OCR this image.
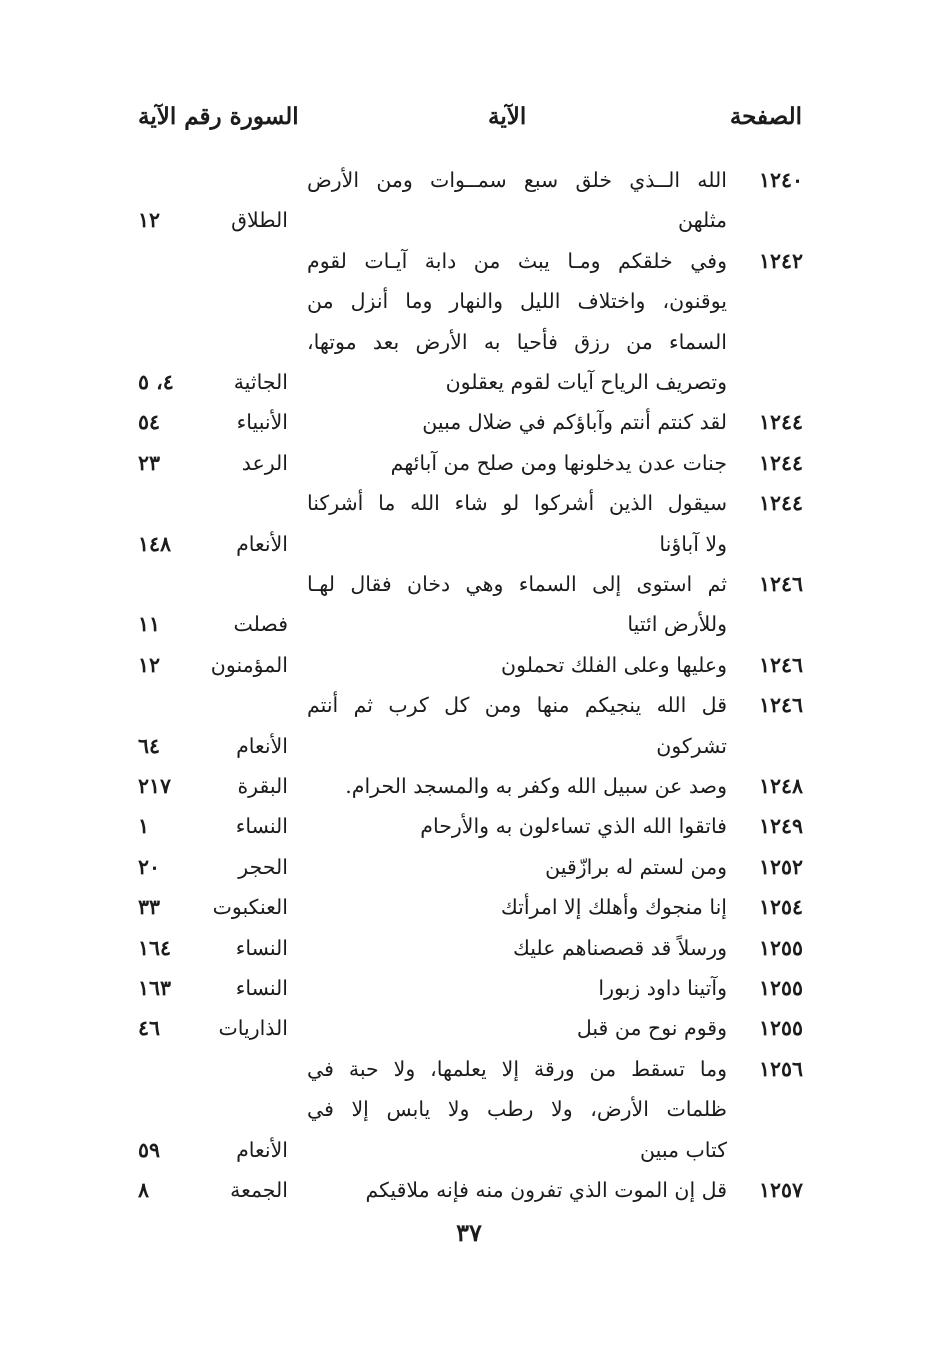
الصفحة
الآية
السورة رقم الآية
١٢٤٠
الله الــذي خلق سبع سمــوات ومن الأرض
مثلهن
الطلاق
١٢
١٢٤٢
وفي خلقكم ومـا يبث من دابة آيـات لقوم
يوقنون، واختلاف الليل والنهار وما أنزل من
السماء من رزق فأحيا به الأرض بعد موتها،
وتصريف الرياح آيات لقوم يعقلون
الجاثية
٤، ٥
١٢٤٤
لقد كنتم أنتم وآباؤكم في ضلال مبين
الأنبياء
٥٤
١٢٤٤
جنات عدن يدخلونها ومن صلح من آبائهم
الرعد
٢٣
١٢٤٤
سيقول الذين أشركوا لو شاء الله ما أشركنا
ولا آباؤنا
الأنعام
١٤٨
١٢٤٦
ثم استوى إلى السماء وهي دخان فقال لهـا
وللأرض ائتيا
فصلت
١١
١٢٤٦
وعليها وعلى الفلك تحملون
المؤمنون
١٢
١٢٤٦
قل الله ينجيكم منها ومن كل كرب ثم أنتم
تشركون
الأنعام
٦٤
١٢٤٨
وصد عن سبيل الله وكفر به والمسجد الحرام.
البقرة
٢١٧
١٢٤٩
فاتقوا الله الذي تساءلون به والأرحام
النساء
١
١٢٥٢
ومن لستم له برازّقين
الحجر
٢٠
١٢٥٤
إنا منجوك وأهلك إلا امرأتك
العنكبوت
٣٣
١٢٥٥
ورسلاً قد قصصناهم عليك
النساء
١٦٤
١٢٥٥
وآتينا داود زبورا
النساء
١٦٣
١٢٥٥
وقوم نوح من قبل
الذاريات
٤٦
١٢٥٦
وما تسقط من ورقة إلا يعلمها، ولا حبة في
ظلمات الأرض، ولا رطب ولا يابس إلا في
كتاب مبين
الأنعام
٥٩
١٢٥٧
قل إن الموت الذي تفرون منه فإنه ملاقيكم
الجمعة
٨
٣٧
